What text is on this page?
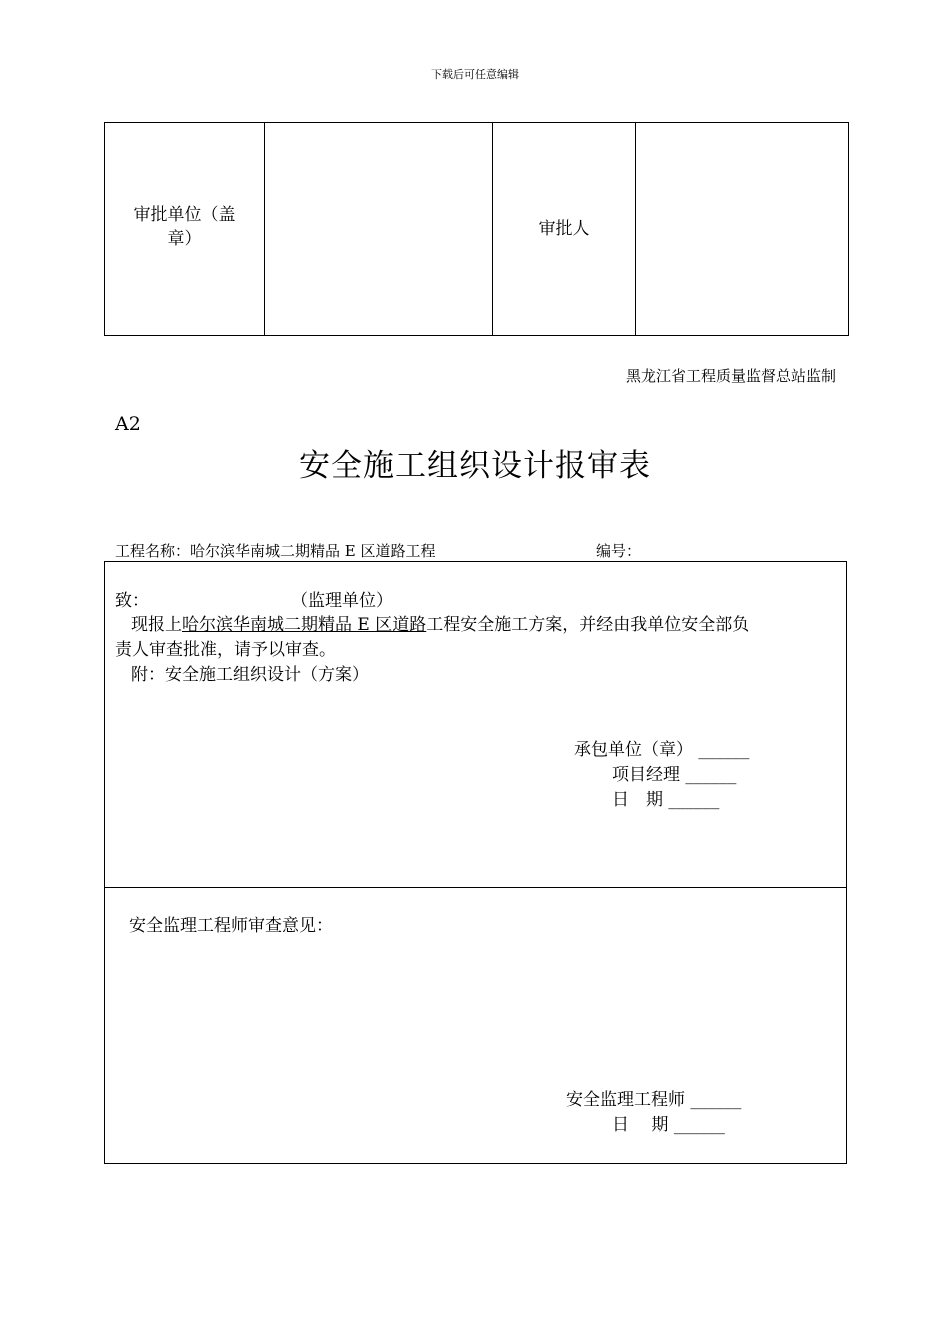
下载后可任意编辑
审批单位（盖
章）	审批人
黑龙江省工程质量监督总站监制
A2
安全施工组织设计报审表
工程名称：哈尔滨华南城二期精品 E 区道路工程	编号：
致：	（监理单位）
现报上哈尔滨华南城二期精品 E 区道路工程安全施工方案，并经由我单位安全部负
责人审查批准，请予以审查。
附：安全施工组织设计（方案）
承包单位（章） ______
项目经理 ______
日　期 ______
安全监理工程师审查意见：
安全监理工程师 ______
日　 期 ______
